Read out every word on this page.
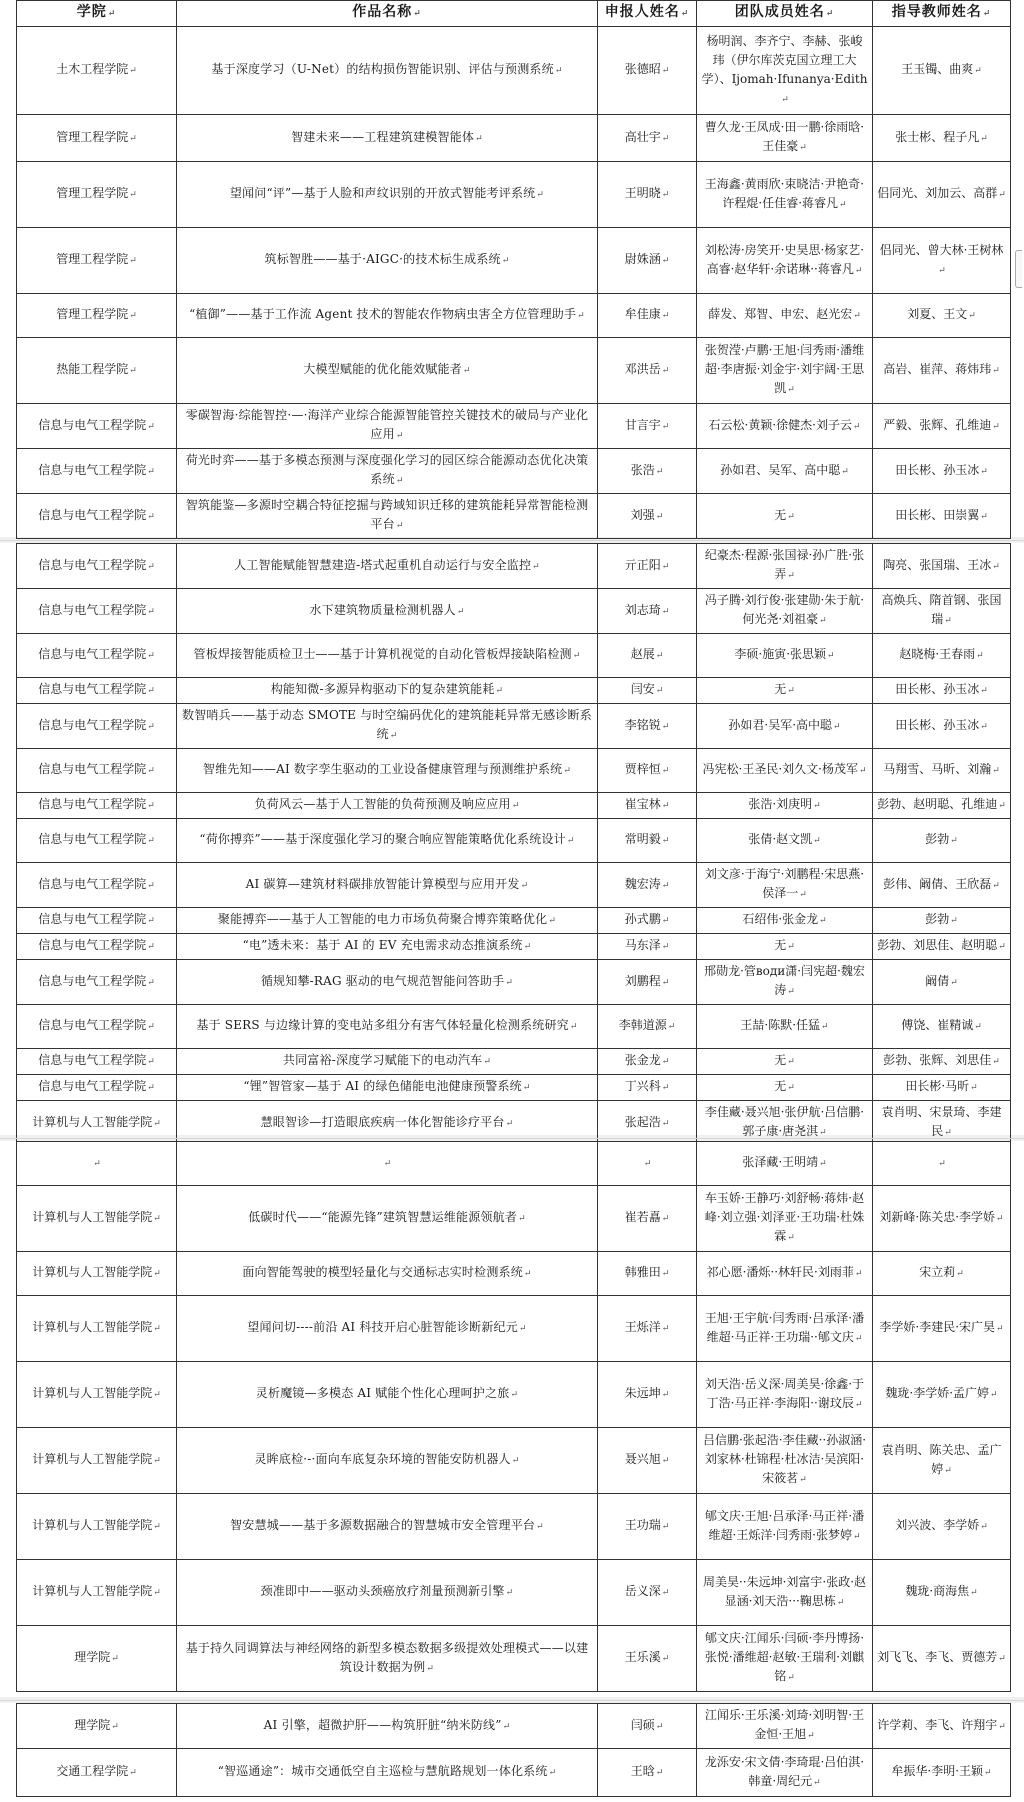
学院↵	作品名称↵	申报人姓名↵	团队成员姓名↵	指导教师姓名↵
土木工程学院↵	基于深度学习（U-Net）的结构损伤智能识别、评估与预测系统↵	张德昭↵	杨明润、李齐宁、李赫、张峻玮（伊尔库茨克国立理工大学）、Ijomah·Ifunanya·Edith↵	王玉镯、曲爽↵
管理工程学院↵	智建未来——工程建筑建模智能体↵	高壮宇↵	曹久龙·王凤成·田一鹏·徐雨晗·王佳豪↵	张士彬、程子凡↵
管理工程学院↵	望闻问“评”—基于人脸和声纹识别的开放式智能考评系统↵	王明晓↵	王海鑫·黄雨欣·束晓洁·尹艳奇·许程焜·任佳睿·蒋睿凡↵	侣同光、刘加云、高群↵
管理工程学院↵	筑标智胜——基于·AIGC·的技术标生成系统↵	尉姝涵↵	刘松涛·房笑开·史昊思·杨家艺·高睿·赵华轩·余诺琳··蒋睿凡↵	侣同光、曾大林·王树林↵
管理工程学院↵	“植御”——基于工作流 Agent 技术的智能农作物病虫害全方位管理助手↵	牟佳康↵	薛发、郑智、申宏、赵光宏↵	刘夏、王文↵
热能工程学院↵	大模型赋能的优化能效赋能者↵	邓洪岳↵	张贺滢·卢鹏·王旭·闫秀雨·潘维超·李唐振·刘金宇·刘宇阔·王思凯↵	高岩、崔萍、蒋炜玮↵
信息与电气工程学院↵	零碳智海·综能智控·—·海洋产业综合能源智能管控关键技术的破局与产业化应用↵	甘言宇↵	石云松·黄颖·徐健杰·刘子云↵	严毅、张辉、孔维迪↵
信息与电气工程学院↵	荷光时弈——基于多模态预测与深度强化学习的园区综合能源动态优化决策系统↵	张浩↵	孙如君、吴军、高中聪↵	田长彬、孙玉冰↵
信息与电气工程学院↵	智筑能鉴—多源时空耦合特征挖掘与跨域知识迁移的建筑能耗异常智能检测平台↵	刘强↵	无↵	田长彬、田崇翼↵
信息与电气工程学院↵	人工智能赋能智慧建造-塔式起重机自动运行与安全监控↵	亓正阳↵	纪豪杰·程源·张国禄·孙广胜·张弄↵	陶亮、张国瑞、王冰↵
信息与电气工程学院↵	水下建筑物质量检测机器人↵	刘志琦↵	冯子腾·刘行俊·张建勋·朱于航·何光尧·刘祖豪↵	高焕兵、隋首钢、张国瑞↵
信息与电气工程学院↵	管板焊接智能质检卫士——基于计算机视觉的自动化管板焊接缺陷检测↵	赵展↵	李硕·施寅·张思颖↵	赵晓梅·王春雨↵
信息与电气工程学院↵	构能知微-多源异构驱动下的复杂建筑能耗↵	闫安↵	无↵	田长彬、孙玉冰↵
信息与电气工程学院↵	数智哨兵——基于动态 SMOTE 与时空编码优化的建筑能耗异常无感诊断系统↵	李铭锐↵	孙如君·吴军·高中聪↵	田长彬、孙玉冰↵
信息与电气工程学院↵	智维先知——AI 数字孪生驱动的工业设备健康管理与预测维护系统↵	贾梓恒↵	冯宪松·王圣民·刘久文·杨茂军↵	马翔雪、马昕、刘瀚↵
信息与电气工程学院↵	负荷风云—基于人工智能的负荷预测及响应应用↵	崔宝林↵	张浩·刘庚明↵	彭勃、赵明聪、孔维迪↵
信息与电气工程学院↵	“荷你搏弈”——基于深度强化学习的聚合响应智能策略优化系统设计↵	常明毅↵	张倩·赵文凯↵	彭勃↵
信息与电气工程学院↵	AI 碳算—建筑材料碳排放智能计算模型与应用开发↵	魏宏涛↵	刘文彦·于海宁·刘鹏程·宋思燕·侯泽一↵	彭伟、阚倩、王欣磊↵
信息与电气工程学院↵	聚能搏弈——基于人工智能的电力市场负荷聚合博弈策略优化↵	孙式鹏↵	石绍伟·张金龙↵	彭勃↵
信息与电气工程学院↵	“电”透未来：基于 AI 的 EV 充电需求动态推演系统↵	马东泽↵	无↵	彭勃、刘思佳、赵明聪↵
信息与电气工程学院↵	循规知攀-RAG 驱动的电气规范智能问答助手↵	刘鹏程↵	邢勋龙·管води潇·闫宪超·魏宏涛↵	阚倩↵
信息与电气工程学院↵	基于 SERS 与边缘计算的变电站多组分有害气体轻量化检测系统研究↵	李韩道源↵	王喆·陈默·任猛↵	傅饶、崔精诚↵
信息与电气工程学院↵	共同富裕-深度学习赋能下的电动汽车↵	张金龙↵	无↵	彭勃、张辉、刘思佳↵
信息与电气工程学院↵	“锂”智管家—基于 AI 的绿色储能电池健康预警系统↵	丁兴科↵	无↵	田长彬·马昕↵
计算机与人工智能学院↵	慧眼智诊—打造眼底疾病一体化智能诊疗平台↵	张起浩↵	李佳藏·聂兴旭·张伊航·吕信鹏·郭子康·唐尧淇↵	袁肖明、宋景琦、李建民↵
↵	↵	↵	张泽藏·王明靖↵	↵
计算机与人工智能学院↵	低碳时代——“能源先锋”建筑智慧运维能源领航者↵	崔若嚞↵	车玉娇·王静巧·刘舒畅·蒋炜·赵峰·刘立强·刘泽亚·王功瑞·杜姝霖↵	刘新峰·陈关忠·李学娇↵
计算机与人工智能学院↵	面向智能驾驶的模型轻量化与交通标志实时检测系统↵	韩雅田↵	祁心愿·潘烁··林轩民·刘雨菲↵	宋立莉↵
计算机与人工智能学院↵	望闻问切----前沿 AI 科技开启心脏智能诊断新纪元↵	王烁洋↵	王旭·王宇航·闫秀雨·吕承泽·潘维超·马正祥·王功瑞··郇文庆↵	李学娇·李建民·宋广昊↵
计算机与人工智能学院↵	灵析魔镜—多模态 AI 赋能个性化心理呵护之旅↵	朱远坤↵	刘天浩·岳义深·周美昊·徐鑫·于丁浩·马正祥·李海阳··谢玟辰↵	魏珑·李学娇·孟广婷↵
计算机与人工智能学院↵	灵眸底检·-·面向车底复杂环境的智能安防机器人↵	聂兴旭↵	吕信鹏·张起浩·李佳藏··孙淑涵·刘家林·杜锦程·杜冰洁·吴滨阳·宋筱茗↵	袁肖明、陈关忠、孟广婷↵
计算机与人工智能学院↵	智安慧城——基于多源数据融合的智慧城市安全管理平台↵	王功瑞↵	郇文庆·王旭·吕承泽·马正祥·潘维超·王烁洋·闫秀雨·张梦婷↵	刘兴波、李学娇↵
计算机与人工智能学院↵	颈准即中——驱动头颈癌放疗剂量预测新引擎↵	岳义深↵	周美昊··朱远坤·刘富宇·张政·赵显涵·刘天浩···鞠思栋↵	魏珑·商海焦↵
理学院↵	基于持久同调算法与神经网络的新型多模态数据多级提效处理模式——以建筑设计数据为例↵	王乐溪↵	郇文庆·江闻乐·闫硕·李丹博扬·张悦·潘维超·赵敏·王瑞利·刘麒铭↵	刘飞飞、李飞、贾德芳↵
理学院↵	AI 引擎，超微护肝——构筑肝脏“纳米防线”↵	闫硕↵	江闻乐·王乐溪·刘琦·刘明智·王金恒·王旭↵	许学莉、李飞、许翔宇↵
交通工程学院↵	“智巡通途”：城市交通低空自主巡检与慧航路规划一体化系统↵	王晗↵	龙泺安·宋文倩·李琦琨·吕伯淇·韩童·周纪元↵	牟振华·李明·王颖↵
